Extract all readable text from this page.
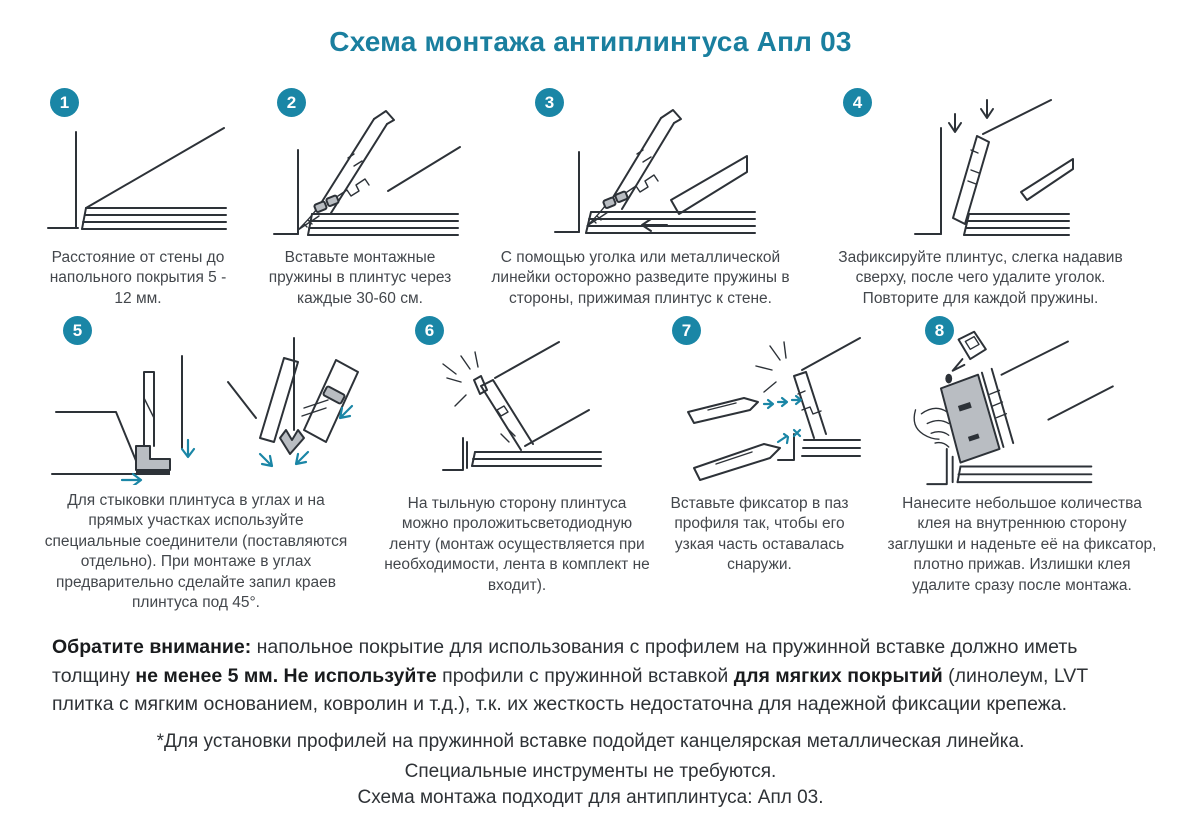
Схема монтажа антиплинтуса Апл 03
1
Расстояние от стены до напольного покрытия 5 - 12 мм.
2
Вставьте монтажные пружины в плинтус через каждые 30-60 см.
3
С помощью уголка или металлической линейки осторожно разведите пружины в стороны, прижимая плинтус к стене.
4
Зафиксируйте плинтус, слегка надавив сверху, после чего удалите уголок. Повторите для каждой пружины.
5
Для стыковки плинтуса в углах и на прямых участках используйте специальные соединители (поставляются отдельно). При монтаже в углах предварительно сделайте запил краев плинтуса под 45°.
6
На тыльную сторону плинтуса можно проложитьсветодиодную ленту (монтаж осуществляется при необходимости, лента в комплект не входит).
7
Вставьте фиксатор в паз профиля так, чтобы его узкая часть оставалась снаружи.
8
Нанесите небольшое количества клея на внутреннюю сторону заглушки и наденьте её на фиксатор, плотно прижав. Излишки клея удалите сразу после монтажа.
Обратите внимание: напольное покрытие для использования с профилем на пружинной вставке должно иметь толщину не менее 5 мм. Не используйте профили с пружинной вставкой для мягких покрытий (линолеум, LVT плитка с мягким основанием, ковролин и т.д.), т.к. их жесткость недостаточна для надежной фиксации крепежа.
*Для установки профилей на пружинной вставке подойдет канцелярская металлическая линейка.
Специальные инструменты не требуются.
Схема монтажа подходит для антиплинтуса: Апл 03.
